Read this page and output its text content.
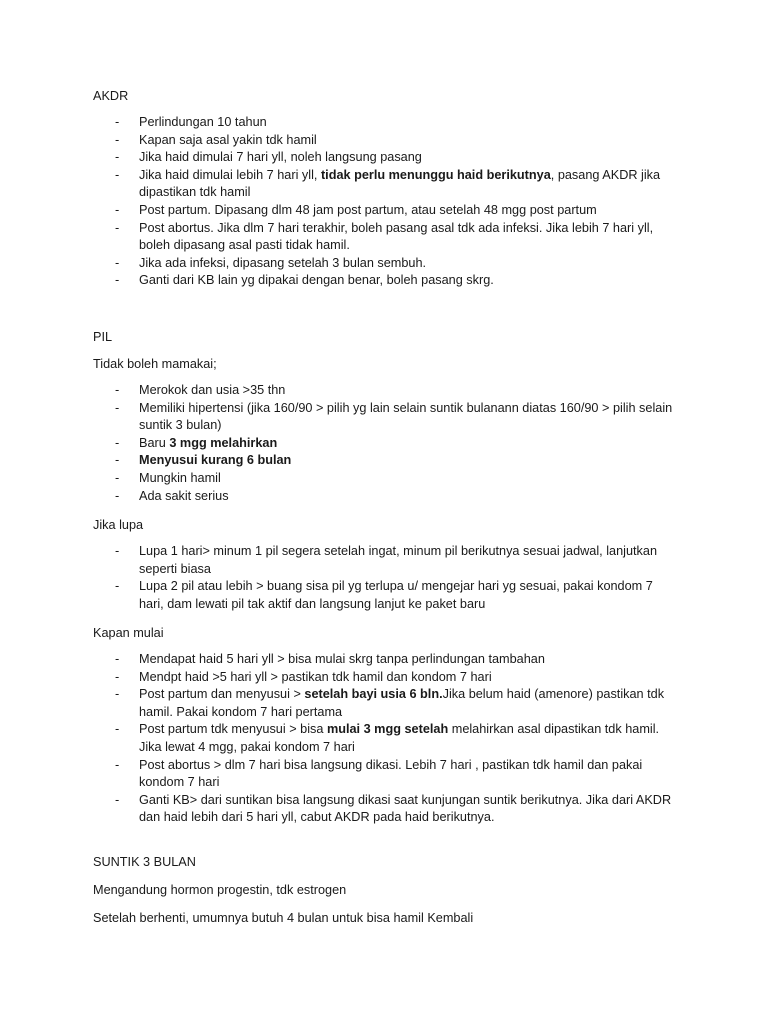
AKDR
- Perlindungan 10 tahun
- Kapan saja asal yakin tdk hamil
- Jika haid dimulai 7 hari yll, noleh langsung pasang
- Jika haid dimulai lebih 7 hari yll, tidak perlu menunggu haid berikutnya, pasang AKDR jika dipastikan tdk hamil
- Post partum. Dipasang dlm 48 jam post partum, atau setelah 48 mgg post partum
- Post abortus. Jika dlm 7 hari terakhir, boleh pasang asal tdk ada infeksi. Jika lebih 7 hari yll, boleh dipasang asal pasti tidak hamil.
- Jika ada infeksi, dipasang setelah 3 bulan sembuh.
- Ganti dari KB lain yg dipakai dengan benar, boleh pasang skrg.
PIL
Tidak boleh mamakai;
- Merokok dan usia >35 thn
- Memiliki hipertensi (jika 160/90 > pilih yg lain selain suntik bulanann diatas 160/90 > pilih selain suntik 3 bulan)
- Baru 3 mgg melahirkan
- Menyusui kurang 6 bulan
- Mungkin hamil
- Ada sakit serius
Jika lupa
- Lupa 1 hari> minum 1 pil segera setelah ingat, minum pil berikutnya sesuai jadwal, lanjutkan seperti biasa
- Lupa 2 pil atau lebih > buang sisa pil yg terlupa u/ mengejar hari yg sesuai, pakai kondom 7 hari, dam lewati pil tak aktif dan langsung lanjut ke paket baru
Kapan mulai
- Mendapat haid 5 hari yll > bisa mulai skrg tanpa perlindungan tambahan
- Mendpt haid >5 hari yll > pastikan tdk hamil dan kondom 7 hari
- Post partum dan menyusui > setelah bayi usia 6 bln.Jika belum haid (amenore) pastikan tdk hamil. Pakai kondom 7 hari pertama
- Post partum tdk menyusui > bisa mulai 3 mgg setelah melahirkan asal dipastikan tdk hamil. Jika lewat 4 mgg, pakai kondom 7 hari
- Post abortus > dlm 7 hari bisa langsung dikasi. Lebih 7 hari , pastikan tdk hamil dan pakai kondom 7 hari
- Ganti KB> dari suntikan bisa langsung dikasi saat kunjungan suntik berikutnya. Jika dari AKDR dan haid lebih dari 5 hari yll, cabut AKDR pada haid berikutnya.
SUNTIK 3 BULAN
Mengandung hormon progestin, tdk estrogen
Setelah berhenti, umumnya butuh 4 bulan untuk bisa hamil Kembali
